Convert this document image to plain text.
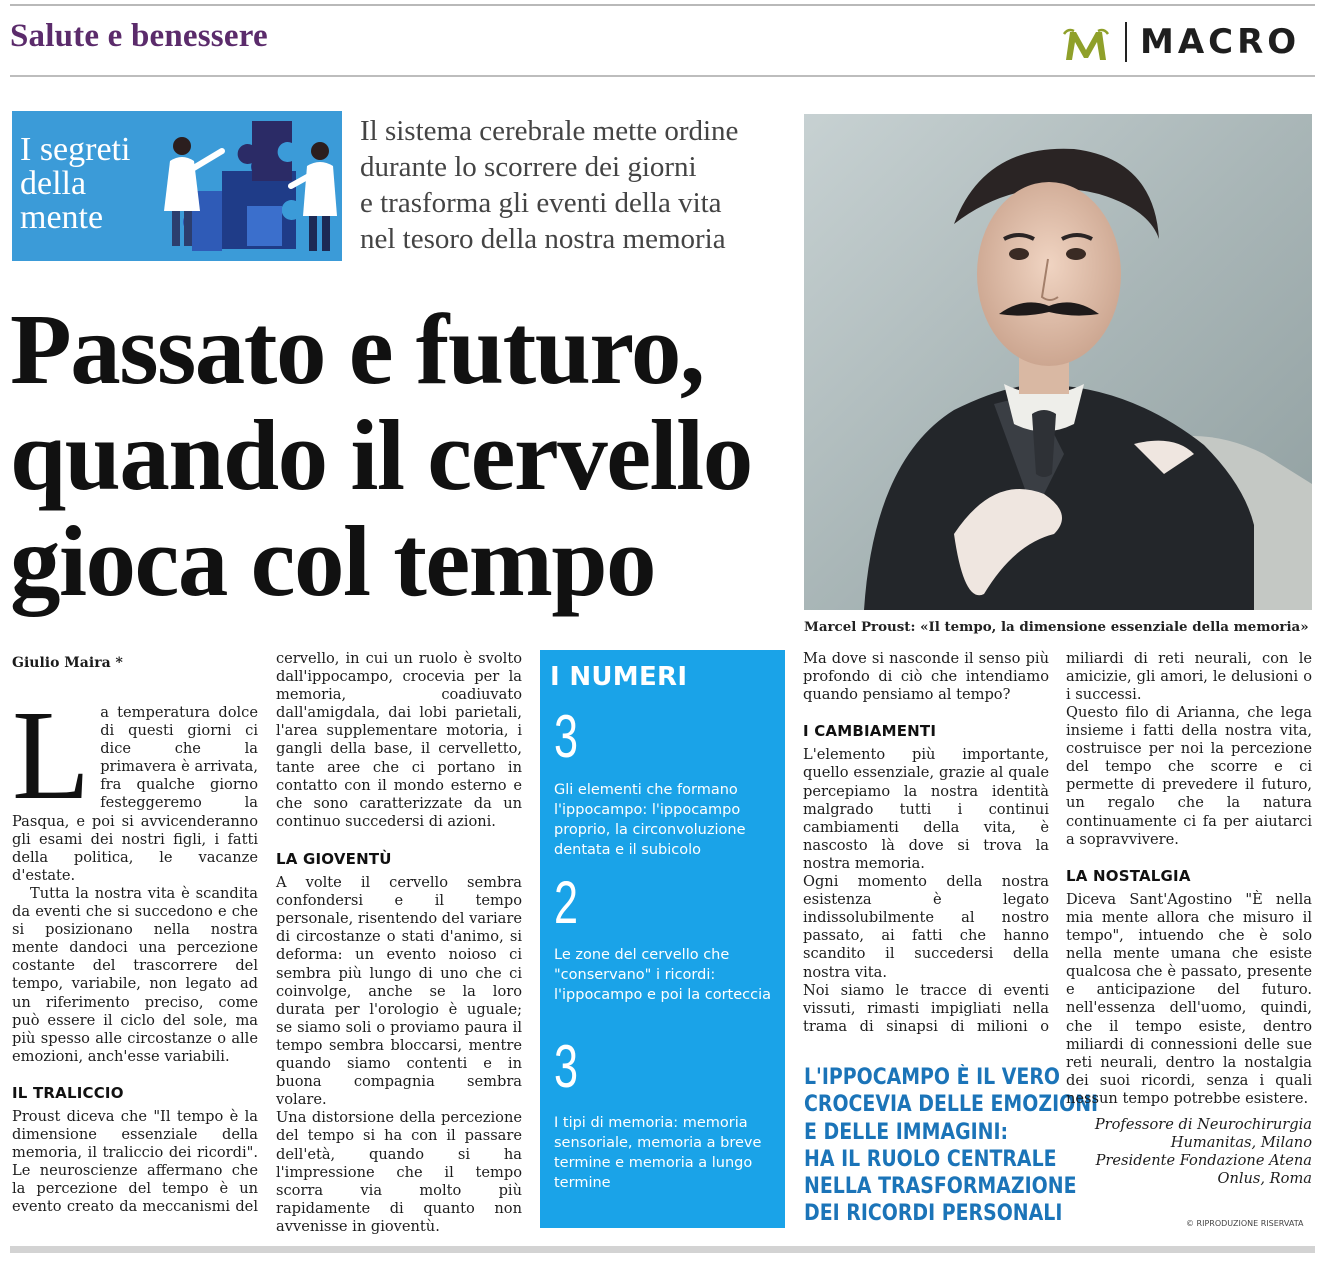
Salute e benessere	MACRO
I segreti
della
mente
Il sistema cerebrale mette ordine
durante lo scorrere dei giorni
e trasforma gli eventi della vita
nel tesoro della nostra memoria
Passato e futuro,
quando il cervello
gioca col tempo
Marcel Proust: «Il tempo, la dimensione essenziale della memoria»
Giulio Maira *

L a temperatura dolce di questi giorni ci dice che la primavera è arrivata, fra qualche giorno festeggeremo la Pasqua, e poi si avvicenderanno gli esami dei nostri figli, i fatti della politica, le vacanze d'estate.

Tutta la nostra vita è scandita da eventi che si succedono e che si posizionano nella nostra mente dandoci una percezione costante del trascorrere del tempo, variabile, non legato ad un riferimento preciso, come può essere il ciclo del sole, ma più spesso alle circostanze o alle emozioni, anch'esse variabili.

IL TRALICCIO

Proust diceva che "Il tempo è la dimensione essenziale della memoria, il traliccio dei ricordi". Le neuroscienze affermano che la percezione del tempo è un evento creato da meccanismi del

cervello, in cui un ruolo è svolto dall'ippocampo, crocevia per la memoria, coadiuvato dall'amigdala, dai lobi parietali, l'area supplementare motoria, i gangli della base, il cervelletto, tante aree che ci portano in contatto con il mondo esterno e che sono caratterizzate da un continuo succedersi di azioni.

LA GIOVENTÙ

A volte il cervello sembra confondersi e il tempo personale, risentendo del variare di circostanze o stati d'animo, si deforma: un evento noioso ci sembra più lungo di uno che ci coinvolge, anche se la loro durata per l'orologio è uguale; se siamo soli o proviamo paura il tempo sembra bloccarsi, mentre quando siamo contenti e in buona compagnia sembra volare.

Una distorsione della percezione del tempo si ha con il passare dell'età, quando si ha l'impressione che il tempo scorra via molto più rapidamente di quanto non avvenisse in gioventù.

I NUMERI
3
Gli elementi che formano l'ippocampo: l'ippocampo proprio, la circonvoluzione dentata e il subicolo
2
Le zone del cervello che "conservano" i ricordi: l'ippocampo e poi la corteccia
3
I tipi di memoria: memoria sensoriale, memoria a breve termine e memoria a lungo termine

Ma dove si nasconde il senso più profondo di ciò che intendiamo quando pensiamo al tempo?

I CAMBIAMENTI

L'elemento più importante, quello essenziale, grazie al quale percepiamo la nostra identità malgrado tutti i continui cambiamenti della vita, è nascosto là dove si trova la nostra memoria.

Ogni momento della nostra esistenza è legato indissolubilmente al nostro passato, ai fatti che hanno scandito il succedersi della nostra vita.

Noi siamo le tracce di eventi vissuti, rimasti impigliati nella trama di sinapsi di milioni o

L'IPPOCAMPO È IL VERO
CROCEVIA DELLE EMOZIONI
E DELLE IMMAGINI:
HA IL RUOLO CENTRALE
NELLA TRASFORMAZIONE
DEI RICORDI PERSONALI

miliardi di reti neurali, con le amicizie, gli amori, le delusioni o i successi.

Questo filo di Arianna, che lega insieme i fatti della nostra vita, costruisce per noi la percezione del tempo che scorre e ci permette di prevedere il futuro, un regalo che la natura continuamente ci fa per aiutarci a sopravvivere.

LA NOSTALGIA

Diceva Sant'Agostino "È nella mia mente allora che misuro il tempo", intuendo che è solo nella mente umana che esiste qualcosa che è passato, presente e anticipazione del futuro. nell'essenza dell'uomo, quindi, che il tempo esiste, dentro miliardi di connessioni delle sue reti neurali, dentro la nostalgia dei suoi ricordi, senza i quali nessun tempo potrebbe esistere.

Professore di Neurochirurgia
Humanitas, Milano
Presidente Fondazione Atena
Onlus, Roma
© RIPRODUZIONE RISERVATA
